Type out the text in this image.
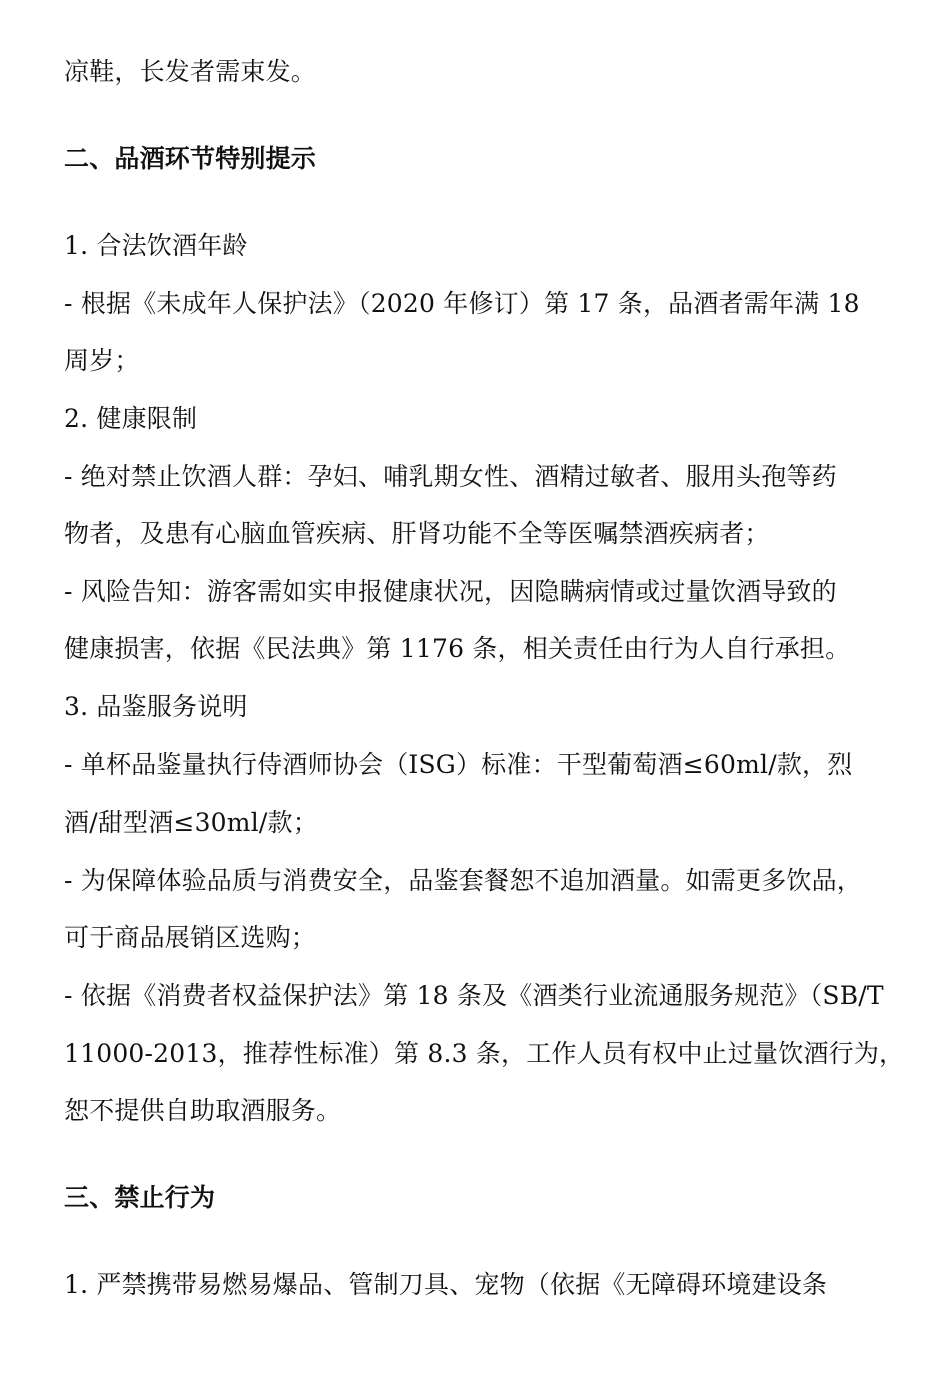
凉鞋，长发者需束发。
二、品酒环节特别提示
1. 合法饮酒年龄
- 根据《未成年人保护法》（2020 年修订）第 17 条，品酒者需年满 18
周岁；
2. 健康限制
- 绝对禁止饮酒人群：孕妇、哺乳期女性、酒精过敏者、服用头孢等药
物者，及患有心脑血管疾病、肝肾功能不全等医嘱禁酒疾病者；
- 风险告知：游客需如实申报健康状况，因隐瞒病情或过量饮酒导致的
健康损害，依据《民法典》第 1176 条，相关责任由行为人自行承担。
3. 品鉴服务说明
- 单杯品鉴量执行侍酒师协会（ISG）标准：干型葡萄酒≤60ml/款，烈
酒/甜型酒≤30ml/款；
- 为保障体验品质与消费安全，品鉴套餐恕不追加酒量。如需更多饮品，
可于商品展销区选购；
- 依据《消费者权益保护法》第 18 条及《酒类行业流通服务规范》（SB/T
11000-2013，推荐性标准）第 8.3 条，工作人员有权中止过量饮酒行为，
恕不提供自助取酒服务。
三、禁止行为
1. 严禁携带易燃易爆品、管制刀具、宠物（依据《无障碍环境建设条
